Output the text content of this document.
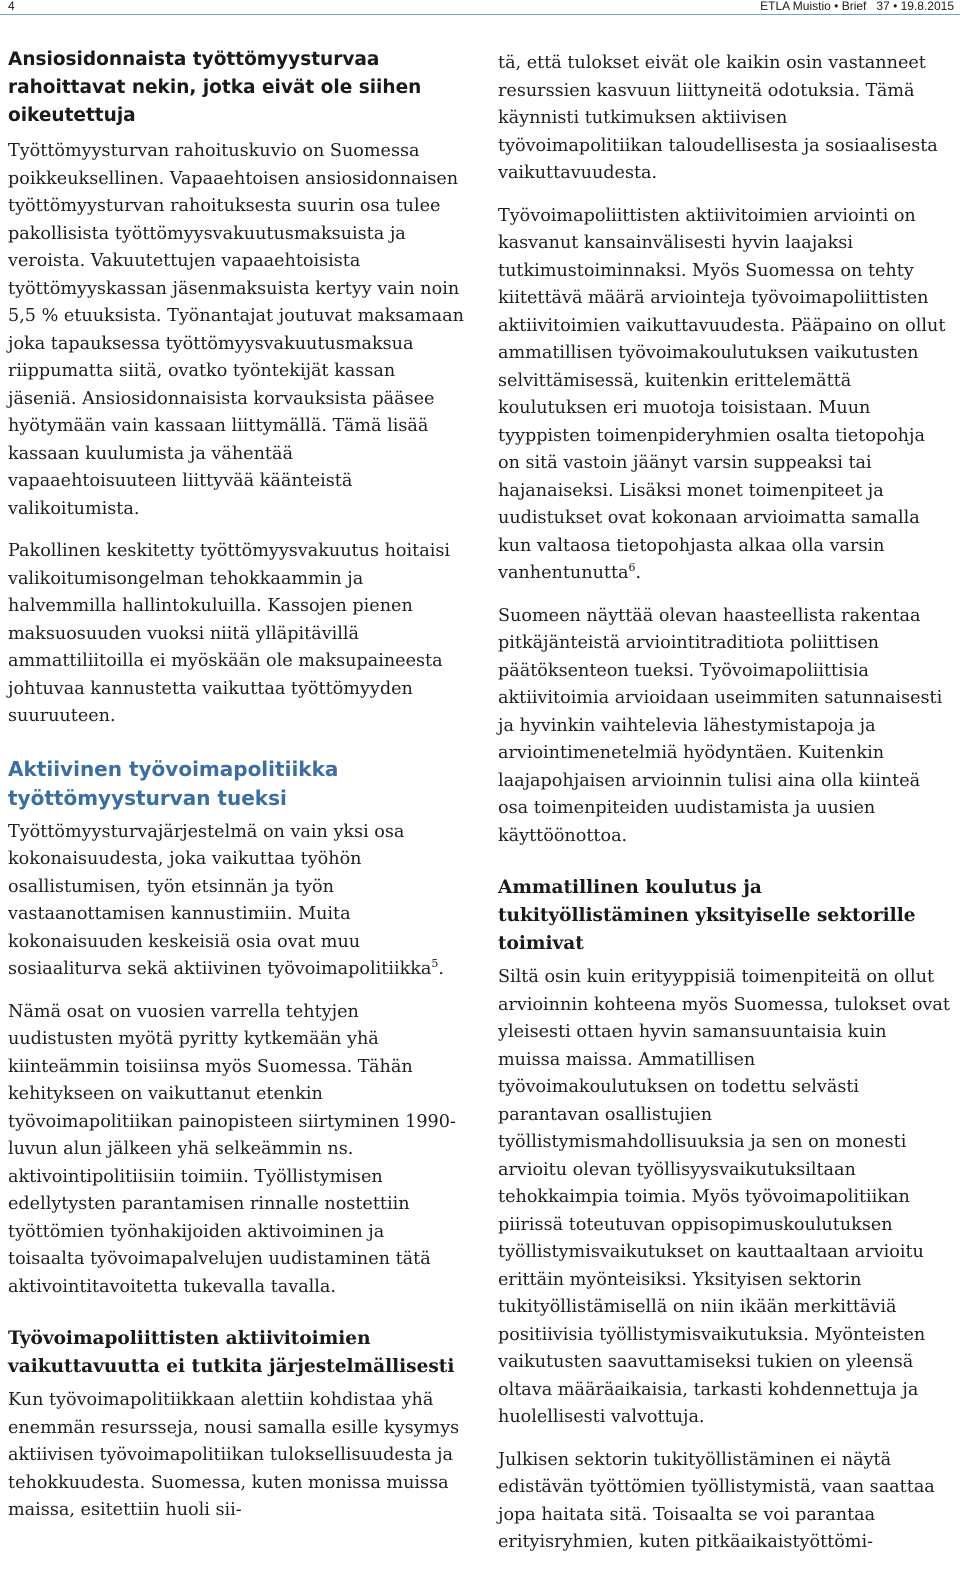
4	ETLA Muistio • Brief 37 • 19.8.2015
Ansiosidonnaista työttömyysturvaa rahoittavat nekin, jotka eivät ole siihen oikeutettuja

Työttömyysturvan rahoituskuvio on Suomessa poikkeuksellinen. Vapaaehtoisen ansiosidonnaisen työttömyysturvan rahoituksesta suurin osa tulee pakollisista työttömyysvakuutusmaksuista ja veroista. Vakuutettujen vapaaehtoisista työttömyyskassan jäsenmaksuista kertyy vain noin 5,5 % etuuksista. Työnantajat joutuvat maksamaan joka tapauksessa työttömyysvakuutusmaksua riippumatta siitä, ovatko työntekijät kassan jäseniä. Ansiosidonnaisista korvauksista pääsee hyötymään vain kassaan liittymällä. Tämä lisää kassaan kuulumista ja vähentää vapaaehtoisuuteen liittyvää käänteistä valikoitumista.

Pakollinen keskitetty työttömyysvakuutus hoitaisi valikoitumisongelman tehokkaammin ja halvemmilla hallintokuluilla. Kassojen pienen maksuosuuden vuoksi niitä ylläpitävillä ammattiliitoilla ei myöskään ole maksupaineesta johtuvaa kannustetta vaikuttaa työttömyyden suuruuteen.

Aktiivinen työvoimapolitiikka työttömyysturvan tueksi

Työttömyysturvajärjestelmä on vain yksi osa kokonaisuudesta, joka vaikuttaa työhön osallistumisen, työn etsinnän ja työn vastaanottamisen kannustimiin. Muita kokonaisuuden keskeisiä osia ovat muu sosiaaliturva sekä aktiivinen työvoimapolitiikka$^5$.

Nämä osat on vuosien varrella tehtyjen uudistusten myötä pyritty kytkemään yhä kiinteämmin toisiinsa myös Suomessa. Tähän kehitykseen on vaikuttanut etenkin työvoimapolitiikan painopisteen siirtyminen 1990-luvun alun jälkeen yhä selkeämmin ns. aktivointipolitiisiin toimiin. Työllistymisen edellytysten parantamisen rinnalle nostettiin työttömien työnhakijoiden aktivoiminen ja toisaalta työvoimapalvelujen uudistaminen tätä aktivointitavoitetta tukevalla tavalla.

Työvoimapoliittisten aktiivitoimien vaikuttavuutta ei tutkita järjestelmällisesti

Kun työvoimapolitiikkaan alettiin kohdistaa yhä enemmän resursseja, nousi samalla esille kysymys aktiivisen työvoimapolitiikan tuloksellisuudesta ja tehokkuudesta. Suomessa, kuten monissa muissa maissa, esitettiin huoli sii-

tä, että tulokset eivät ole kaikin osin vastanneet resurssien kasvuun liittyneitä odotuksia. Tämä käynnisti tutkimuksen aktiivisen työvoimapolitiikan taloudellisesta ja sosiaalisesta vaikuttavuudesta.

Työvoimapoliittisten aktiivitoimien arviointi on kasvanut kansainvälisesti hyvin laajaksi tutkimustoiminnaksi. Myös Suomessa on tehty kiitettävä määrä arviointeja työvoimapoliittisten aktiivitoimien vaikuttavuudesta. Pääpaino on ollut ammatillisen työvoimakoulutuksen vaikutusten selvittämisessä, kuitenkin erittelemättä koulutuksen eri muotoja toisistaan. Muun tyyppisten toimenpideryhmien osalta tietopohja on sitä vastoin jäänyt varsin suppeaksi tai hajanaiseksi. Lisäksi monet toimenpiteet ja uudistukset ovat kokonaan arvioimatta samalla kun valtaosa tietopohjasta alkaa olla varsin vanhentunutta$^6$.

Suomeen näyttää olevan haasteellista rakentaa pitkäjänteistä arviointitraditiota poliittisen päätöksenteon tueksi. Työvoimapoliittisia aktiivitoimia arvioidaan useimmiten satunnaisesti ja hyvinkin vaihtelevia lähestymistapoja ja arviointimenetelmiä hyödyntäen. Kuitenkin laajapohjaisen arvioinnin tulisi aina olla kiinteä osa toimenpiteiden uudistamista ja uusien käyttöönottoa.

Ammatillinen koulutus ja tukityöllistäminen yksityiselle sektorille toimivat

Siltä osin kuin erityyppisiä toimenpiteitä on ollut arvioinnin kohteena myös Suomessa, tulokset ovat yleisesti ottaen hyvin samansuuntaisia kuin muissa maissa. Ammatillisen työvoimakoulutuksen on todettu selvästi parantavan osallistujien työllistymismahdollisuuksia ja sen on monesti arvioitu olevan työllisyysvaikutuksiltaan tehokkaimpia toimia. Myös työvoimapolitiikan piirissä toteutuvan oppisopimuskoulutuksen työllistymisvaikutukset on kauttaaltaan arvioitu erittäin myönteisiksi. Yksityisen sektorin tukityöllistämisellä on niin ikään merkittäviä positiivisia työllistymisvaikutuksia. Myönteisten vaikutusten saavuttamiseksi tukien on yleensä oltava määräaikaisia, tarkasti kohdennettuja ja huolellisesti valvottuja.

Julkisen sektorin tukityöllistäminen ei näytä edistävän työttömien työllistymistä, vaan saattaa jopa haitata sitä. Toisaalta se voi parantaa erityisryhmien, kuten pitkäaikaistyöttömi-
